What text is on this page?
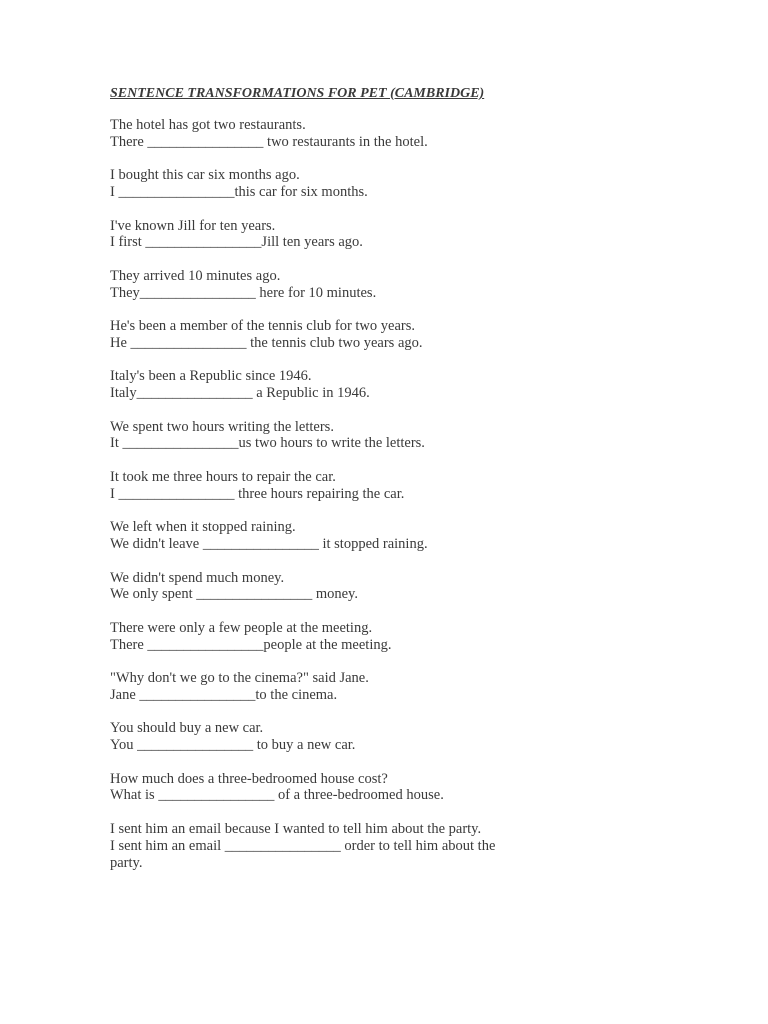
SENTENCE TRANSFORMATIONS FOR PET (CAMBRIDGE)
The hotel has got two restaurants.
There ________________ two restaurants in the hotel.
I bought this car six months ago.
I ________________this car for six months.
I've known Jill for ten years.
I first ________________Jill ten years ago.
They arrived 10 minutes ago.
They________________ here for 10 minutes.
He's been a member of the tennis club for two years.
He ________________ the tennis club two years ago.
Italy's been a Republic since 1946.
Italy________________ a Republic in 1946.
We spent two hours writing the letters.
It ________________us two hours to write the letters.
It took me three hours to repair the car.
I ________________ three hours repairing the car.
We left when it stopped raining.
We didn't leave ________________ it stopped raining.
We didn't spend much money.
We only spent ________________ money.
There were only a few people at the meeting.
There ________________people at the meeting.
"Why don't we go to the cinema?" said Jane.
Jane ________________to the cinema.
You should buy a new car.
You ________________ to buy a new car.
How much does a three-bedroomed house cost?
What is ________________ of a three-bedroomed house.
I sent him an email because I wanted to tell him about the party.
I sent him an email ________________ order to tell him about the party.
